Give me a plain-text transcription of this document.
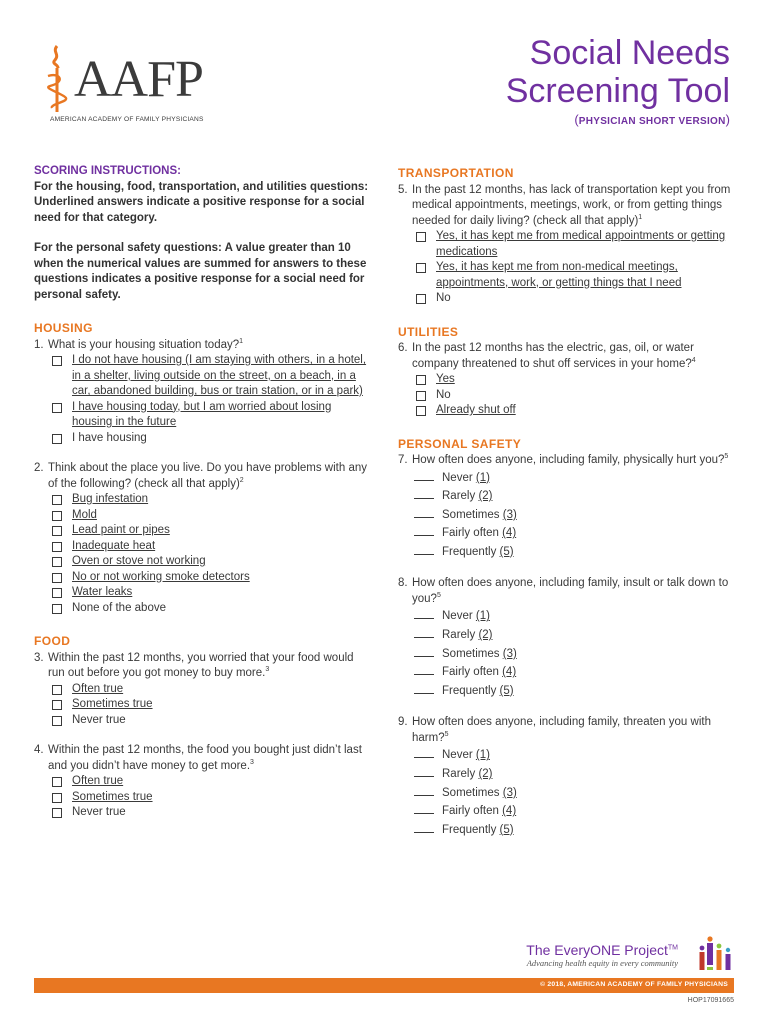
AAFP
AMERICAN ACADEMY OF FAMILY PHYSICIANS
Social Needs
Screening Tool
(PHYSICIAN SHORT VERSION)
SCORING INSTRUCTIONS:

For the housing, food, transportation, and utilities questions: Underlined answers indicate a positive response for a social need for that category.

For the personal safety questions: A value greater than 10 when the numerical values are summed for answers to these questions indicates a positive response for a social need for personal safety.

HOUSING
1. What is your housing situation today?$^1$
I do not have housing (I am staying with others, in a hotel, in a shelter, living outside on the street, on a beach, in a car, abandoned building, bus or train station, or in a park)
I have housing today, but I am worried about losing housing in the future
I have housing
2. Think about the place you live. Do you have problems with any of the following? (check all that apply)$^2$
Bug infestation
Mold
Lead paint or pipes
Inadequate heat
Oven or stove not working
No or not working smoke detectors
Water leaks
None of the above
FOOD
3. Within the past 12 months, you worried that your food would run out before you got money to buy more.$^3$
Often true
Sometimes true
Never true
4. Within the past 12 months, the food you bought just didn’t last and you didn’t have money to get more.$^3$
Often true
Sometimes true
Never true
TRANSPORTATION
5. In the past 12 months, has lack of transportation kept you from medical appointments, meetings, work, or from getting things needed for daily living? (check all that apply)$^1$
Yes, it has kept me from medical appointments or getting medications
Yes, it has kept me from non-medical meetings, appointments, work, or getting things that I need
No
UTILITIES
6. In the past 12 months has the electric, gas, oil, or water company threatened to shut off services in your home?$^4$
Yes
No
Already shut off
PERSONAL SAFETY
7. How often does anyone, including family, physically hurt you?$^5$
Never
(1)
Rarely
(2)
Sometimes
(3)
Fairly often
(4)
Frequently
(5)
8. How often does anyone, including family, insult or talk down to you?$^5$
Never
(1)
Rarely
(2)
Sometimes
(3)
Fairly often
(4)
Frequently
(5)
9. How often does anyone, including family, threaten you with harm?$^5$
Never
(1)
Rarely
(2)
Sometimes
(3)
Fairly often
(4)
Frequently
(5)
The EveryONE Project™
Advancing health equity in every community
© 2018, AMERICAN ACADEMY OF FAMILY PHYSICIANS
HOP17091665
